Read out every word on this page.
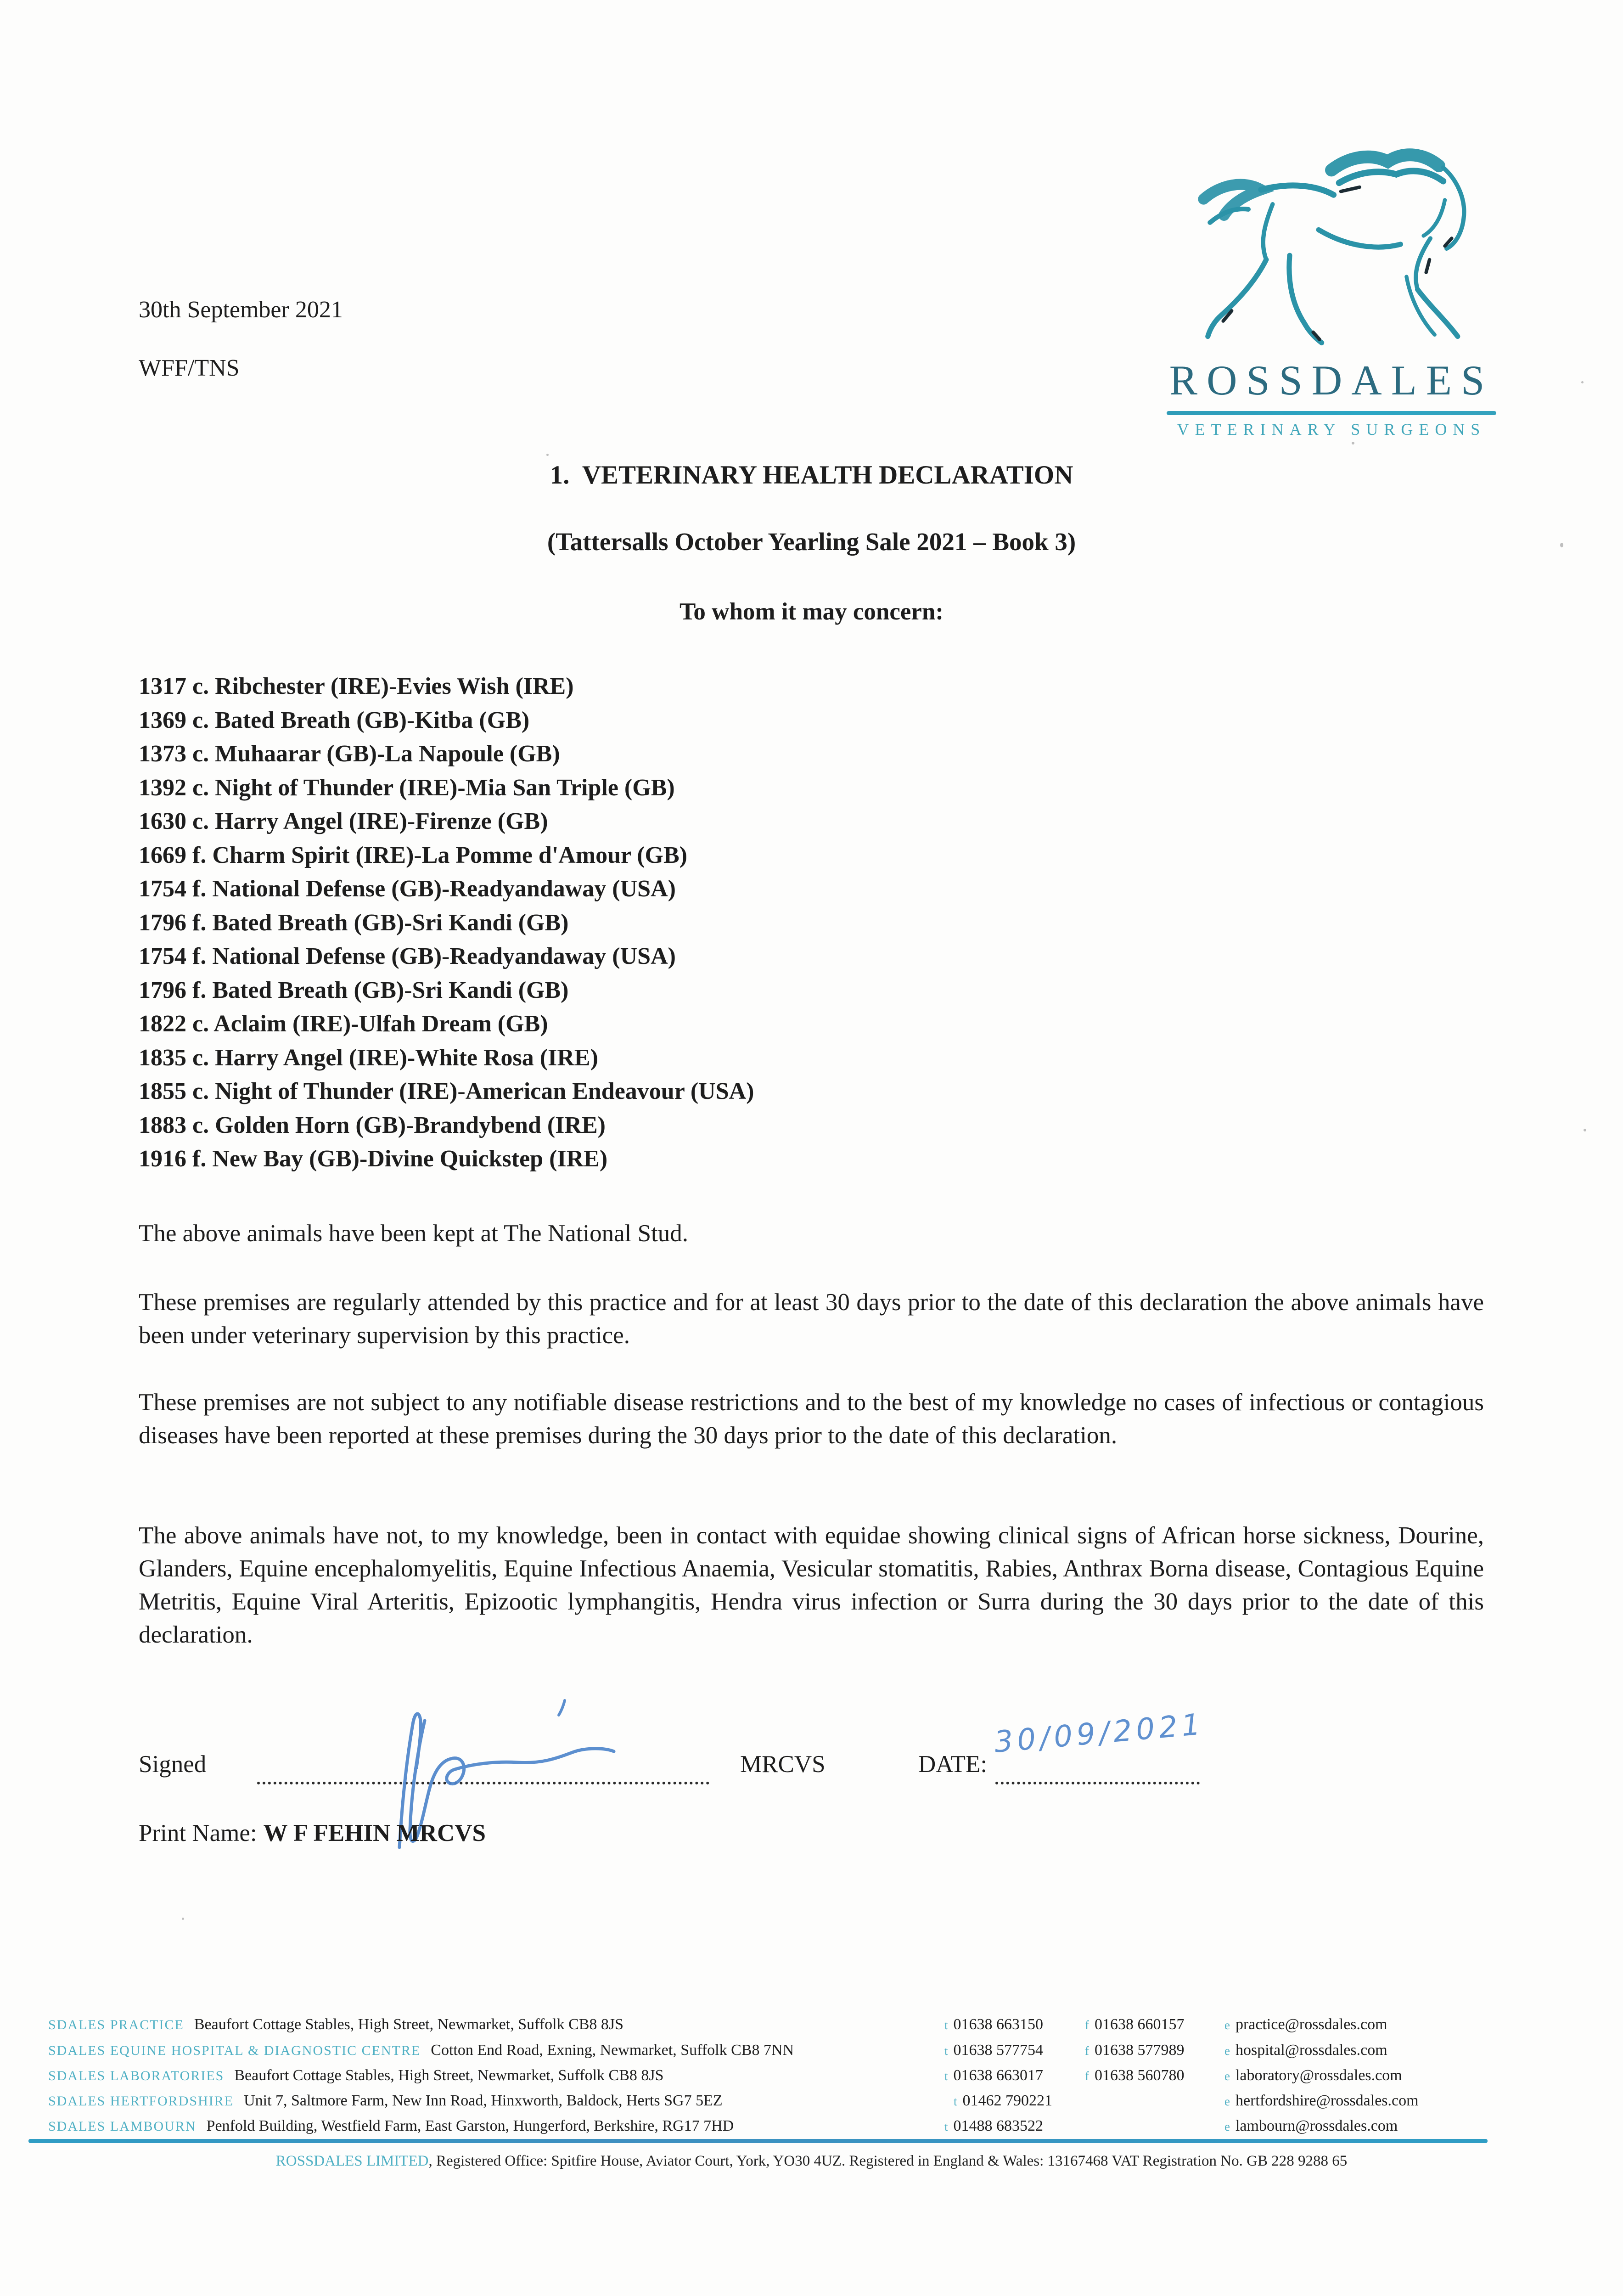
30th September 2021
WFF/TNS	ROSSDALES
VETERINARY SURGEONS
1.  VETERINARY HEALTH DECLARATION
(Tattersalls October Yearling Sale 2021 – Book 3)
To whom it may concern:
1317 c. Ribchester (IRE)-Evies Wish (IRE)
1369 c. Bated Breath (GB)-Kitba (GB)
1373 c. Muhaarar (GB)-La Napoule (GB)
1392 c. Night of Thunder (IRE)-Mia San Triple (GB)
1630 c. Harry Angel (IRE)-Firenze (GB)
1669 f. Charm Spirit (IRE)-La Pomme d'Amour (GB)
1754 f. National Defense (GB)-Readyandaway (USA)
1796 f. Bated Breath (GB)-Sri Kandi (GB)
1754 f. National Defense (GB)-Readyandaway (USA)
1796 f. Bated Breath (GB)-Sri Kandi (GB)
1822 c. Aclaim (IRE)-Ulfah Dream (GB)
1835 c. Harry Angel (IRE)-White Rosa (IRE)
1855 c. Night of Thunder (IRE)-American Endeavour (USA)
1883 c. Golden Horn (GB)-Brandybend (IRE)
1916 f. New Bay (GB)-Divine Quickstep (IRE)
The above animals have been kept at The National Stud.
These premises are regularly attended by this practice and for at least 30 days prior to the date of this declaration the above animals have been under veterinary supervision by this practice.
These premises are not subject to any notifiable disease restrictions and to the best of my knowledge no cases of infectious or contagious diseases have been reported at these premises during the 30 days prior to the date of this declaration.
The above animals have not, to my knowledge, been in contact with equidae showing clinical signs of African horse sickness, Dourine, Glanders, Equine encephalomyelitis, Equine Infectious Anaemia, Vesicular stomatitis, Rabies, Anthrax Borna disease, Contagious Equine Metritis, Equine Viral Arteritis, Epizootic lymphangitis, Hendra virus infection or Surra during the 30 days prior to the date of this declaration.
Signed	MRCVS	DATE:
30/09/2021
Print Name: W F FEHIN MRCVS
SDALES PRACTICE Beaufort Cottage Stables, High Street, Newmarket, Suffolk CB8 8JS	t 01638 663150	f 01638 660157	e practice@rossdales.com
SDALES EQUINE HOSPITAL & DIAGNOSTIC CENTRE Cotton End Road, Exning, Newmarket, Suffolk CB8 7NN	t 01638 577754	f 01638 577989	e hospital@rossdales.com
SDALES LABORATORIES Beaufort Cottage Stables, High Street, Newmarket, Suffolk CB8 8JS	t 01638 663017	f 01638 560780	e laboratory@rossdales.com
SDALES HERTFORDSHIRE Unit 7, Saltmore Farm, New Inn Road, Hinxworth, Baldock, Herts SG7 5EZ	t 01462 790221	e hertfordshire@rossdales.com
SDALES LAMBOURN Penfold Building, Westfield Farm, East Garston, Hungerford, Berkshire, RG17 7HD	t 01488 683522	e lambourn@rossdales.com
ROSSDALES LIMITED, Registered Office: Spitfire House, Aviator Court, York, YO30 4UZ. Registered in England & Wales: 13167468 VAT Registration No. GB 228 9288 65
